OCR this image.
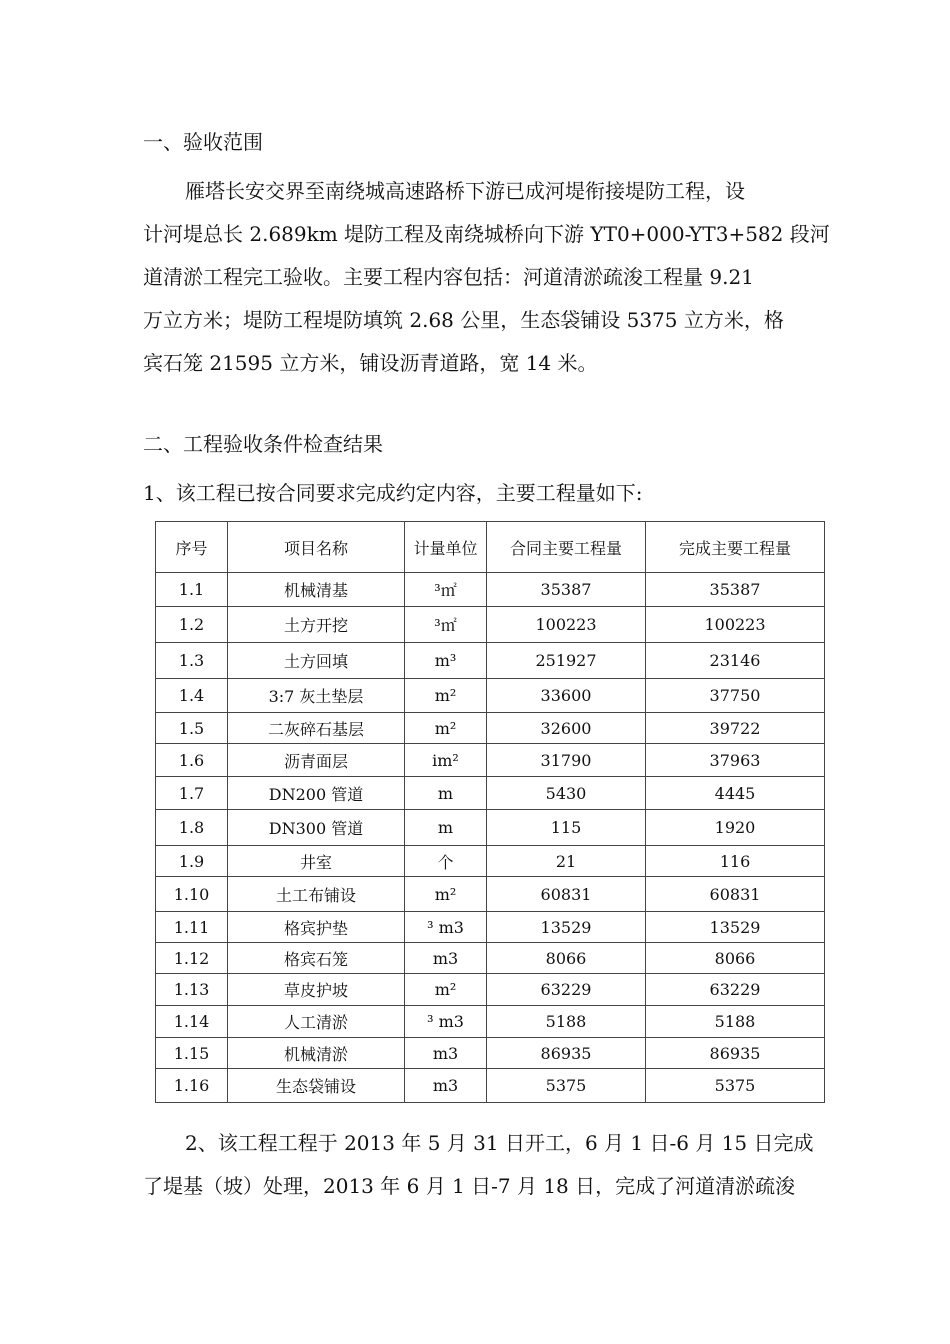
一、验收范围
雁塔长安交界至南绕城高速路桥下游已成河堤衔接堤防工程，设
计河堤总长 2.689km 堤防工程及南绕城桥向下游 YT0+000-YT3+582 段河
道清淤工程完工验收。主要工程内容包括：河道清淤疏浚工程量 9.21
万立方米；堤防工程堤防填筑 2.68 公里，生态袋铺设 5375 立方米，格
宾石笼 21595 立方米，铺设沥青道路，宽 14 米。
二、工程验收条件检查结果
1、该工程已按合同要求完成约定内容，主要工程量如下:
序号	项目名称	计量单位	合同主要工程量	完成主要工程量
1.1	机械清基	³㎡	35387	35387
1.2	土方开挖	³㎡	100223	100223
1.3	土方回填	m³	251927	23146
1.4	3:7 灰土垫层	m²	33600	37750
1.5	二灰碎石基层	m²	32600	39722
1.6	沥青面层	im²	31790	37963
1.7	DN200 管道	m	5430	4445
1.8	DN300 管道	m	115	1920
1.9	井室	个	21	116
1.10	土工布铺设	m²	60831	60831
1.11	格宾护垫	³ m3	13529	13529
1.12	格宾石笼	m3	8066	8066
1.13	草皮护坡	m²	63229	63229
1.14	人工清淤	³ m3	5188	5188
1.15	机械清淤	m3	86935	86935
1.16	生态袋铺设	m3	5375	5375
2、该工程工程于 2013 年 5 月 31 日开工，6 月 1 日-6 月 15 日完成
了堤基（坡）处理，2013 年 6 月 1 日-7 月 18 日，完成了河道清淤疏浚
